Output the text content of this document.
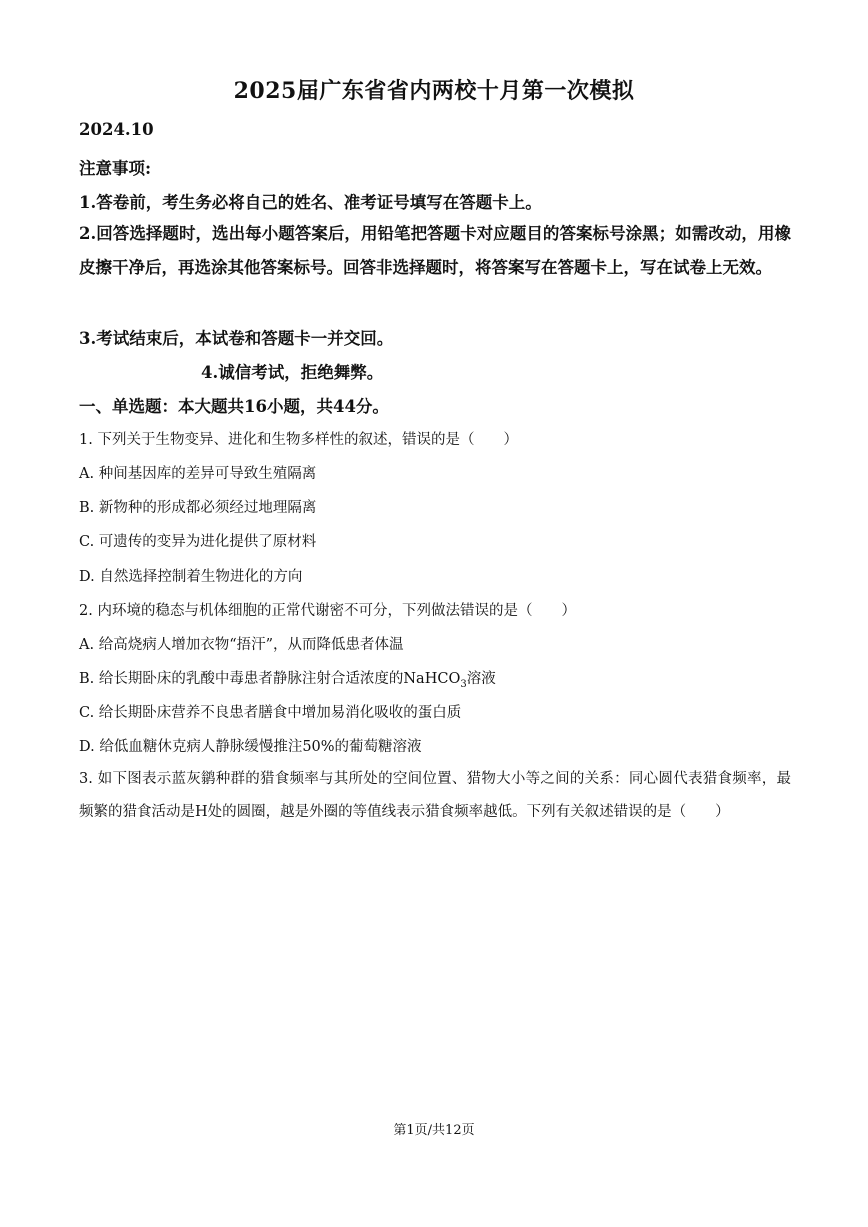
2025届广东省省内两校十月第一次模拟
2024.10
注意事项:
1.答卷前，考生务必将自己的姓名、准考证号填写在答题卡上。
2.回答选择题时，选出每小题答案后，用铅笔把答题卡对应题目的答案标号涂黑；如需改动，用橡皮擦干净后，再选涂其他答案标号。回答非选择题时，将答案写在答题卡上，写在试卷上无效。
3.考试结束后，本试卷和答题卡一并交回。
4.诚信考试，拒绝舞弊。
一、单选题：本大题共16小题，共44分。
1. 下列关于生物变异、进化和生物多样性的叙述，错误的是（　　）
A. 种间基因库的差异可导致生殖隔离
B. 新物种的形成都必须经过地理隔离
C. 可遗传的变异为进化提供了原材料
D. 自然选择控制着生物进化的方向
2. 内环境的稳态与机体细胞的正常代谢密不可分，下列做法错误的是（　　）
A. 给高烧病人增加衣物“捂汗”，从而降低患者体温
B. 给长期卧床的乳酸中毒患者静脉注射合适浓度的NaHCO$_3$溶液
C. 给长期卧床营养不良患者膳食中增加易消化吸收的蛋白质
D. 给低血糖休克病人静脉缓慢推注50%的葡萄糖溶液
3. 如下图表示蓝灰鹟种群的猎食频率与其所处的空间位置、猎物大小等之间的关系：同心圆代表猎食频率，最频繁的猎食活动是H处的圆圈，越是外圈的等值线表示猎食频率越低。下列有关叙述错误的是（　　）
第1页/共12页
